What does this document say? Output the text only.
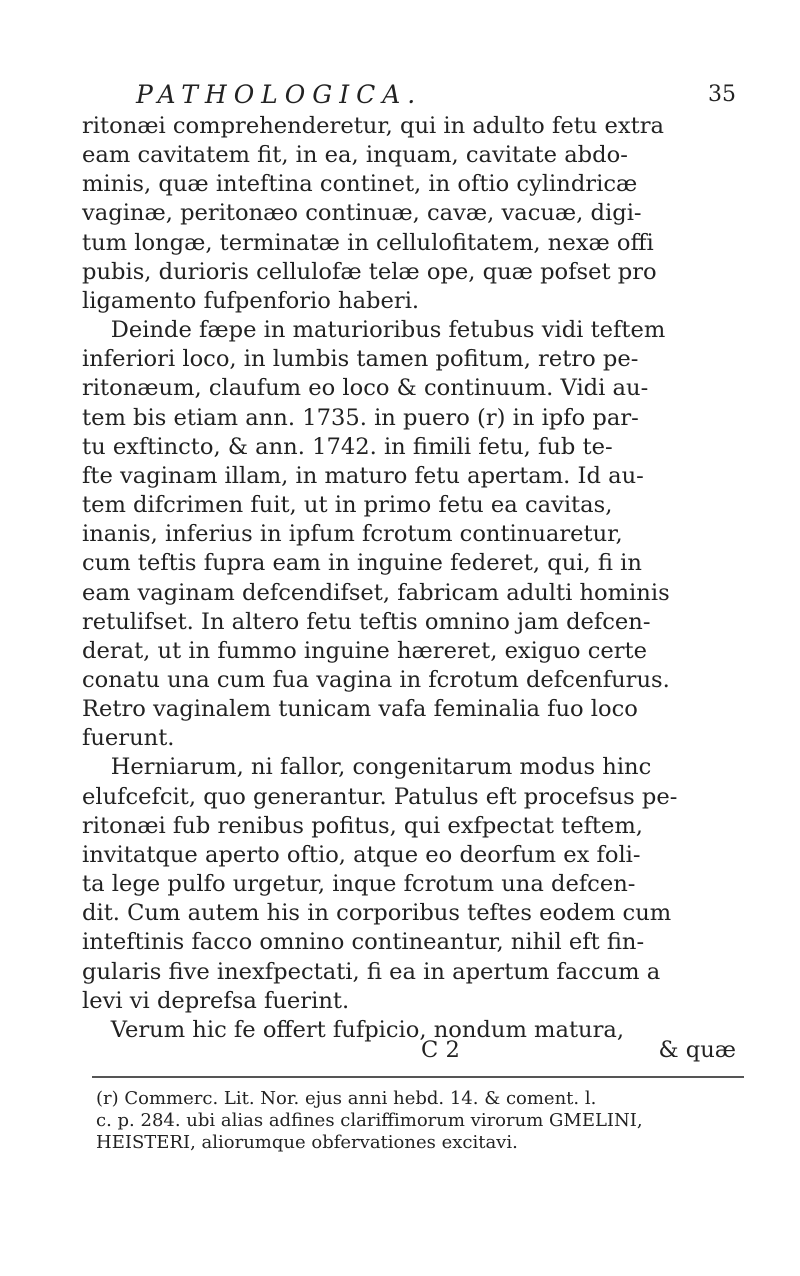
PATHOLOGICA.	35
ritonæi comprehenderetur, qui in adulto fetu extra
eam cavitatem fit, in ea, inquam, cavitate abdo-
minis, quæ inteftina continet, in oftio cylindricæ
vaginæ, peritonæo continuæ, cavæ, vacuæ, digi-
tum longæ, terminatæ in cellulofitatem, nexæ offi
pubis, durioris cellulofæ telæ ope, quæ pofset pro
ligamento fufpenforio haberi.
Deinde fæpe in maturioribus fetubus vidi teftem
inferiori loco, in lumbis tamen pofitum, retro pe-
ritonæum, claufum eo loco & continuum. Vidi au-
tem bis etiam ann. 1735. in puero (r) in ipfo par-
tu exftincto, & ann. 1742. in fimili fetu, fub te-
fte vaginam illam, in maturo fetu apertam. Id au-
tem difcrimen fuit, ut in primo fetu ea cavitas,
inanis, inferius in ipfum fcrotum continuaretur,
cum teftis fupra eam in inguine federet, qui, fi in
eam vaginam defcendifset, fabricam adulti hominis
retulifset. In altero fetu teftis omnino jam defcen-
derat, ut in fummo inguine hæreret, exiguo certe
conatu una cum fua vagina in fcrotum defcenfurus.
Retro vaginalem tunicam vafa feminalia fuo loco
fuerunt.
Herniarum, ni fallor, congenitarum modus hinc
elufcefcit, quo generantur. Patulus eft procefsus pe-
ritonæi fub renibus pofitus, qui exfpectat teftem,
invitatque aperto oftio, atque eo deorfum ex foli-
ta lege pulfo urgetur, inque fcrotum una defcen-
dit. Cum autem his in corporibus teftes eodem cum
inteftinis facco omnino contineantur, nihil eft fin-
gularis five inexfpectati, fi ea in apertum faccum a
levi vi deprefsa fuerint.
Verum hic fe offert fufpicio, nondum matura,
C 2	& quæ
(r) Commerc. Lit. Nor. ejus anni hebd. 14. & coment. l.
c. p. 284. ubi alias adfines clariffimorum virorum GMELINI,
HEISTERI, aliorumque obfervationes excitavi.
